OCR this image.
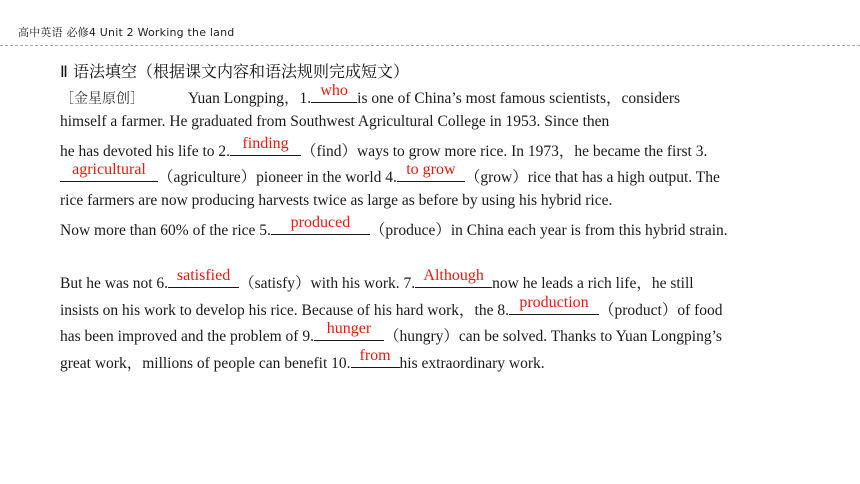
高中英语 必修4 Unit 2 Working the land
Ⅱ 语法填空（根据课文内容和语法规则完成短文）
［金星原创］	Yuan Longping，1. who is one of China’s most famous scientists，considers
himself a farmer. He graduated from Southwest Agricultural College in 1953. Since then
he has devoted his life to 2. finding （find）ways to grow more rice. In 1973，he became the first 3.
agricultural （agriculture）pioneer in the world 4. to grow （grow）rice that has a high output. The
rice farmers are now producing harvests twice as large as before by using his hybrid rice.
Now more than 60% of the rice 5.	produced	（produce）in China each year is from this hybrid strain.
But he was not 6. satisfied （satisfy）with his work. 7. Although now he leads a rich life，he still
insists on his work to develop his rice. Because of his hard work，the 8. production （product）of food
has been improved and the problem of 9. hunger （hungry）can be solved. Thanks to Yuan Longping’s
great work，millions of people can benefit 10. from his extraordinary work.
